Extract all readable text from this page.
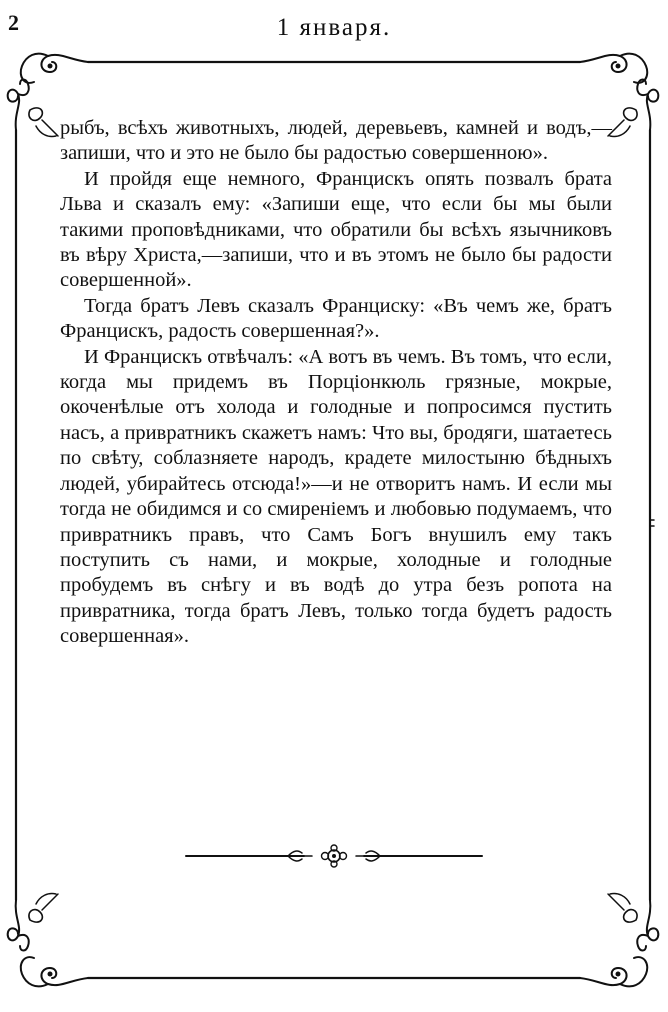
2	1 января.

рыбъ, всѣхъ животныхъ, людей, деревьевъ, камней и водъ,—запиши, что и это не было бы радостью совершенною».

И пройдя еще немного, Францискъ опять позвалъ брата Льва и сказалъ ему: «Запиши еще, что если бы мы были такими проповѣдниками, что обратили бы всѣхъ язычниковъ въ вѣру Христа,—запиши, что и въ этомъ не было бы радости совершенной».

Тогда братъ Левъ сказалъ Франциску: «Въ чемъ же, братъ Францискъ, радость совершенная?».

И Францискъ отвѣчалъ: «А вотъ въ чемъ. Въ томъ, что если, когда мы придемъ въ Порціонкюль грязные, мокрые, окоченѣлые отъ холода и голодные и попросимся пустить насъ, а привратникъ скажетъ намъ: Что вы, бродяги, шатаетесь по свѣту, соблазняете народъ, крадете милостыню бѣдныхъ людей, убирайтесь отсюда!»—и не отворитъ намъ. И если мы тогда не обидимся и со смиреніемъ и любовью подумаемъ, что привратникъ правъ, что Самъ Богъ внушилъ ему такъ поступить съ нами, и мокрые, холодные и голодные пробудемъ въ снѣгу и въ водѣ до утра безъ ропота на привратника, тогда братъ Левъ, только тогда будетъ радость совершенная».
